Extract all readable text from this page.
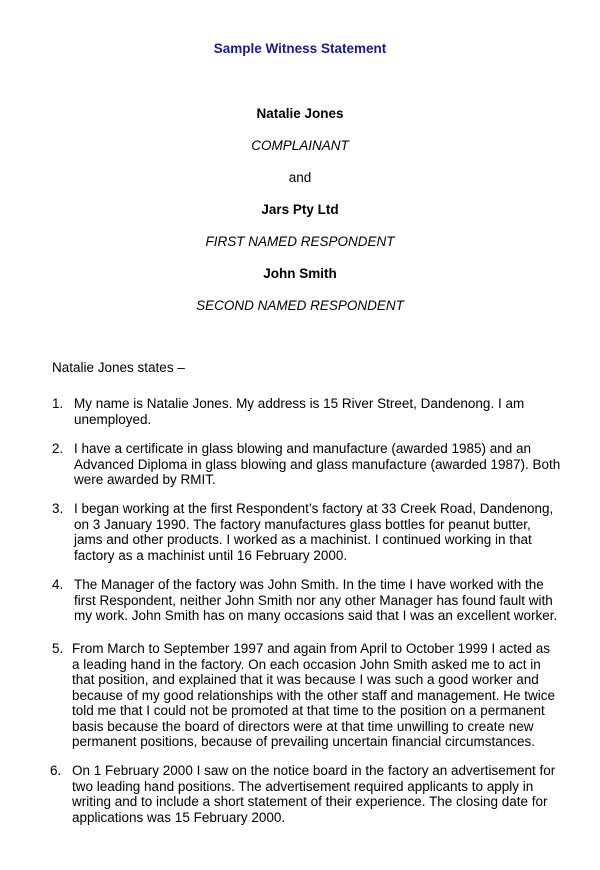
Sample Witness Statement
Natalie Jones
COMPLAINANT
and
Jars Pty Ltd
FIRST NAMED RESPONDENT
John Smith
SECOND NAMED RESPONDENT
Natalie Jones states –
1. My name is Natalie Jones. My address is 15 River Street, Dandenong. I am
unemployed.
2. I have a certificate in glass blowing and manufacture (awarded 1985) and an
Advanced Diploma in glass blowing and glass manufacture (awarded 1987). Both
were awarded by RMIT.
3. I began working at the first Respondent’s factory at 33 Creek Road, Dandenong,
on 3 January 1990. The factory manufactures glass bottles for peanut butter,
jams and other products. I worked as a machinist. I continued working in that
factory as a machinist until 16 February 2000.
4. The Manager of the factory was John Smith. In the time I have worked with the
first Respondent, neither John Smith nor any other Manager has found fault with
my work. John Smith has on many occasions said that I was an excellent worker.
5. From March to September 1997 and again from April to October 1999 I acted as
a leading hand in the factory. On each occasion John Smith asked me to act in
that position, and explained that it was because I was such a good worker and
because of my good relationships with the other staff and management. He twice
told me that I could not be promoted at that time to the position on a permanent
basis because the board of directors were at that time unwilling to create new
permanent positions, because of prevailing uncertain financial circumstances.
6. On 1 February 2000 I saw on the notice board in the factory an advertisement for
two leading hand positions. The advertisement required applicants to apply in
writing and to include a short statement of their experience. The closing date for
applications was 15 February 2000.
